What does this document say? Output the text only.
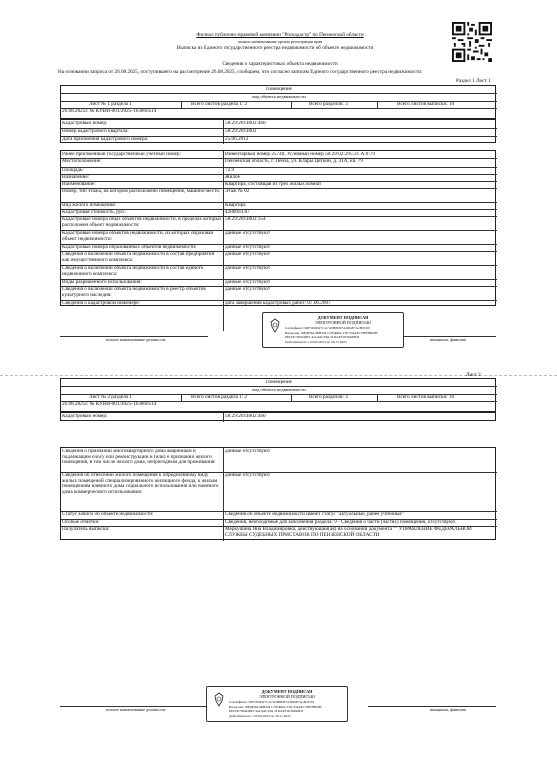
Филиал публично-правовой компании "Роскадастр" по Пензенской области
полное наименование органа регистрации прав
Выписка из Единого государственного реестра недвижимости об объекте недвижимости
Сведения о характеристиках объекта недвижимости
На основании запроса от 26.08.2025, поступившего на рассмотрение 26.08.2025, сообщаем, что согласно записям Единого государственного реестра недвижимости:
Раздел 1 Лист 1
Помещение
вид объекта недвижимости
Лист № 1 раздела 1	Всего листов раздела 1: 2	Всего разделов: 3	Всего листов выписки: 10
26.08.2025г. № КУВИ-001/2025-163060514
Кадастровый номер:	58:29:2014002:460
Номер кадастрового квартала:	58:29:2014002
Дата присвоения кадастрового номера:	25.06.2012
Ранее присвоенный государственный учетный номер:	Инвентарный номер 25740, Условный номер 58:29:02:295:31 А:0:79
Местоположение:	Пензенская область, г. Пенза, ул. Клары Цеткин, д. 31А, кв. 79
Площадь:	72.9
Назначение:	Жилое
Наименование:	Квартира, состоящая из трех жилых комнат
Номер, тип этажа, на котором расположено помещение, машино-место: Этаж № 02
Вид жилого помещения:	Квартира
Кадастровая стоимость, руб.:	4280093.87
Кадастровые номера иных объектов недвижимости, в пределах которых расположен объект недвижимости:
58:29:2014002:354
Кадастровые номера объектов недвижимости, из которых образован объект недвижимости:
данные отсутствуют
Кадастровые номера образованных объектов недвижимости:	данные отсутствуют
Сведения о включении объекта недвижимости в состав предприятия как имущественного комплекса:
данные отсутствуют
Сведения о включении объекта недвижимости в состав единого недвижимого комплекса:
данные отсутствуют
Виды разрешенного использования:	данные отсутствуют
Сведения о включении объекта недвижимости в реестр объектов культурного наследия:
данные отсутствуют
Сведения о кадастровом инженере:	дата завершения кадастровых работ: 07.06.2007
полное наименование должности	инициалы, фамилия
ДОКУМЕНТ ПОДПИСАН
ЭЛЕКТРОННОЙ ПОДПИСЬЮ
Сертификат: 00F5D2D27CA7A5B8D97A0D4E7A1B2C09
Владелец: ФЕДЕРАЛЬНАЯ СЛУЖБА ГОСУДАРСТВЕННОЙ
РЕГИСТРАЦИИ, КАДАСТРА И КАРТОГРАФИИ
Действителен: с 05.09.2024 по 29.11.2025
Лист 2
Помещение
вид объекта недвижимости
Лист № 2 раздела 1	Всего листов раздела 1: 2	Всего разделов: 3	Всего листов выписки: 10
26.08.2025г. № КУВИ-001/2025-163060514
Кадастровый номер:	58:29:2014002:460
Сведения о признании многоквартирного дома аварийным и подлежащим сносу или реконструкции и (или) о признании жилого помещения, в том числе жилого дома, непригодным для проживания:
данные отсутствуют
Сведения об отнесении жилого помещения к определенному виду жилых помещений специализированного жилищного фонда, к жилым помещениям наемного дома социального использования или наемного дома коммерческого использования:
данные отсутствуют
Статус записи об объекте недвижимости:	Сведения об объекте недвижимости имеют статус "актуальные, ранее учтенные"
Особые отметки:	Сведения, необходимые для заполнения раздела: 9 - Сведения о части (частях) помещения, отсутствуют.
Получатель выписки:	Меркушина Яна Владимировна, действующий(ая) на основании документа "" УПРАВЛЕНИЕ ФЕДЕРАЛЬНОЙ СЛУЖБЫ СУДЕБНЫХ ПРИСТАВОВ ПО ПЕНЗЕНСКОЙ ОБЛАСТИ
полное наименование должности	инициалы, фамилия
ДОКУМЕНТ ПОДПИСАН
ЭЛЕКТРОННОЙ ПОДПИСЬЮ
Сертификат: 00F5D2D27CA7A5B8D97A0D4E7A1B2C09
Владелец: ФЕДЕРАЛЬНАЯ СЛУЖБА ГОСУДАРСТВЕННОЙ
РЕГИСТРАЦИИ, КАДАСТРА И КАРТОГРАФИИ
Действителен: с 05.09.2024 по 29.11.2025
